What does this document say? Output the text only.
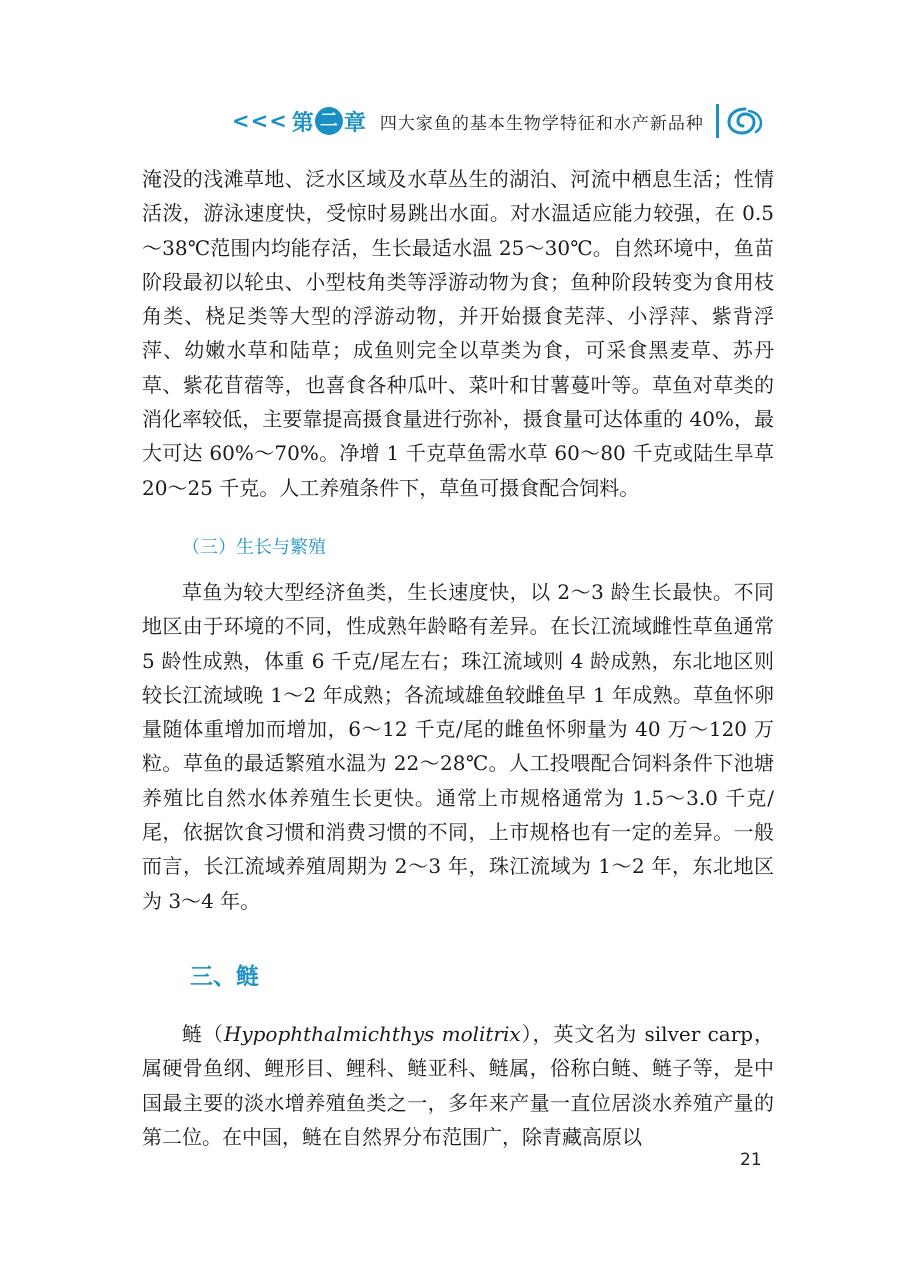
<<< 第 二 章 四大家鱼的基本生物学特征和水产新品种

淹没的浅滩草地、泛水区域及水草丛生的湖泊、河流中栖息生活；性情活泼，游泳速度快，受惊时易跳出水面。对水温适应能力较强，在 0.5～38℃范围内均能存活，生长最适水温 25～30℃。自然环境中，鱼苗阶段最初以轮虫、小型枝角类等浮游动物为食；鱼种阶段转变为食用枝角类、桡足类等大型的浮游动物，并开始摄食芜萍、小浮萍、紫背浮萍、幼嫩水草和陆草；成鱼则完全以草类为食，可采食黑麦草、苏丹草、紫花苜蓿等，也喜食各种瓜叶、菜叶和甘薯蔓叶等。草鱼对草类的消化率较低，主要靠提高摄食量进行弥补，摄食量可达体重的 40%，最大可达 60%～70%。净增 1 千克草鱼需水草 60～80 千克或陆生旱草 20～25 千克。人工养殖条件下，草鱼可摄食配合饲料。

（三）生长与繁殖

草鱼为较大型经济鱼类，生长速度快，以 2～3 龄生长最快。不同地区由于环境的不同，性成熟年龄略有差异。在长江流域雌性草鱼通常 5 龄性成熟，体重 6 千克/尾左右；珠江流域则 4 龄成熟，东北地区则较长江流域晚 1～2 年成熟；各流域雄鱼较雌鱼早 1 年成熟。草鱼怀卵量随体重增加而增加，6～12 千克/尾的雌鱼怀卵量为 40 万～120 万粒。草鱼的最适繁殖水温为 22～28℃。人工投喂配合饲料条件下池塘养殖比自然水体养殖生长更快。通常上市规格通常为 1.5～3.0 千克/尾，依据饮食习惯和消费习惯的不同，上市规格也有一定的差异。一般而言，长江流域养殖周期为 2～3 年，珠江流域为 1～2 年，东北地区为 3～4 年。

三、鲢

鲢（Hypophthalmichthys molitrix），英文名为 silver carp，属硬骨鱼纲、鲤形目、鲤科、鲢亚科、鲢属，俗称白鲢、鲢子等，是中国最主要的淡水增养殖鱼类之一，多年来产量一直位居淡水养殖产量的第二位。在中国，鲢在自然界分布范围广，除青藏高原以

21
